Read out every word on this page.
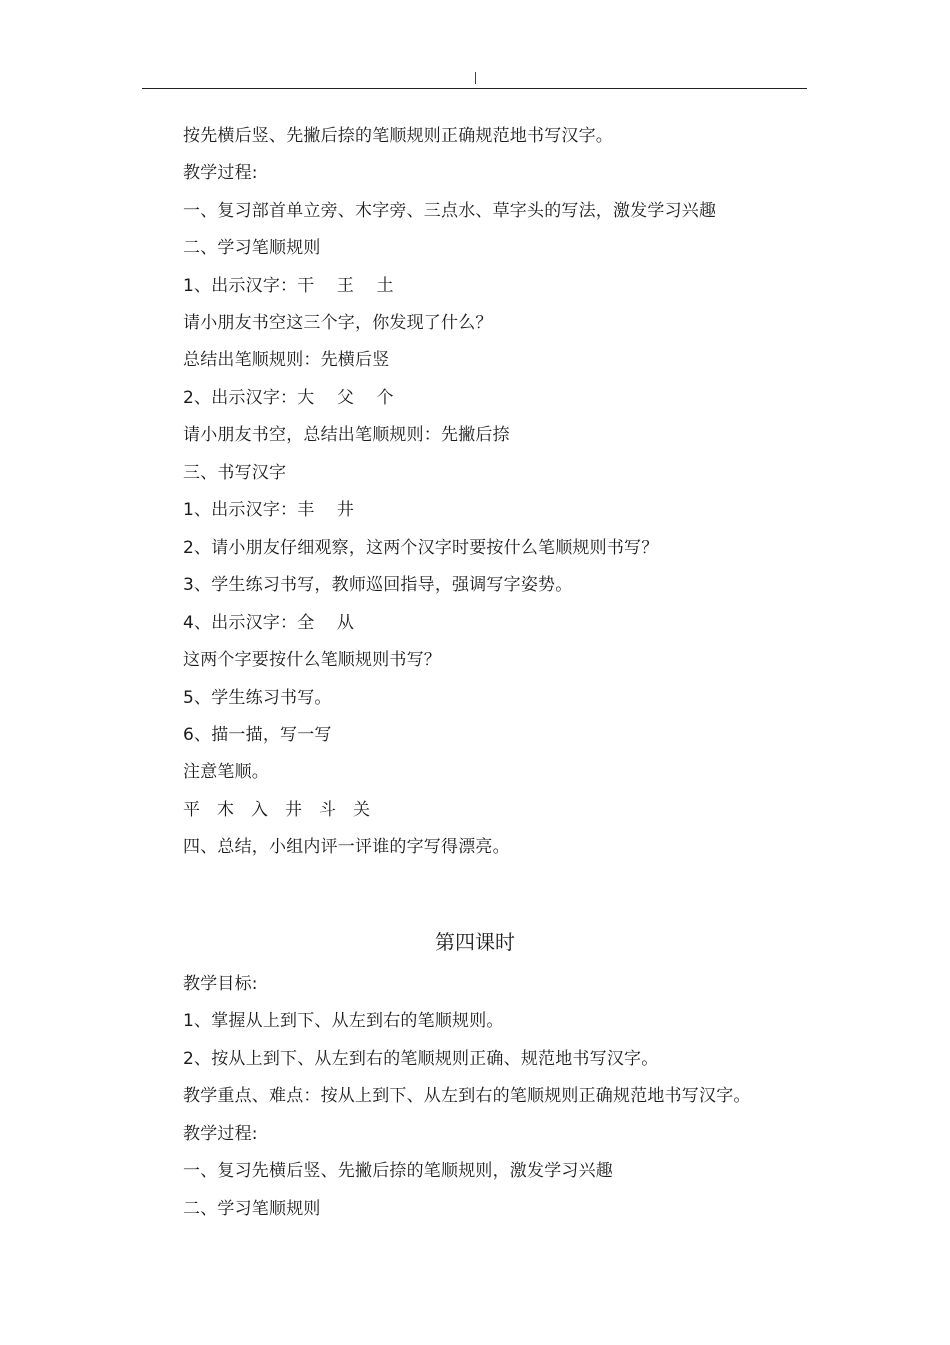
按先横后竖、先撇后捺的笔顺规则正确规范地书写汉字。
教学过程:
一、复习部首单立旁、木字旁、三点水、草字头的写法，激发学习兴趣
二、学习笔顺规则
1、出示汉字：干    王    土
请小朋友书空这三个字，你发现了什么？
总结出笔顺规则：先横后竖
2、出示汉字：大    父    个
请小朋友书空，总结出笔顺规则：先撇后捺
三、书写汉字
1、出示汉字：丰    井
2、请小朋友仔细观察，这两个汉字时要按什么笔顺规则书写？
3、学生练习书写，教师巡回指导，强调写字姿势。
4、出示汉字：全    从
这两个字要按什么笔顺规则书写？
5、学生练习书写。
6、描一描，写一写
注意笔顺。
平   木   入   井   斗   关
四、总结，小组内评一评谁的字写得漂亮。
第四课时
教学目标:
1、掌握从上到下、从左到右的笔顺规则。
2、按从上到下、从左到右的笔顺规则正确、规范地书写汉字。
教学重点、难点：按从上到下、从左到右的笔顺规则正确规范地书写汉字。
教学过程:
一、复习先横后竖、先撇后捺的笔顺规则，激发学习兴趣
二、学习笔顺规则
